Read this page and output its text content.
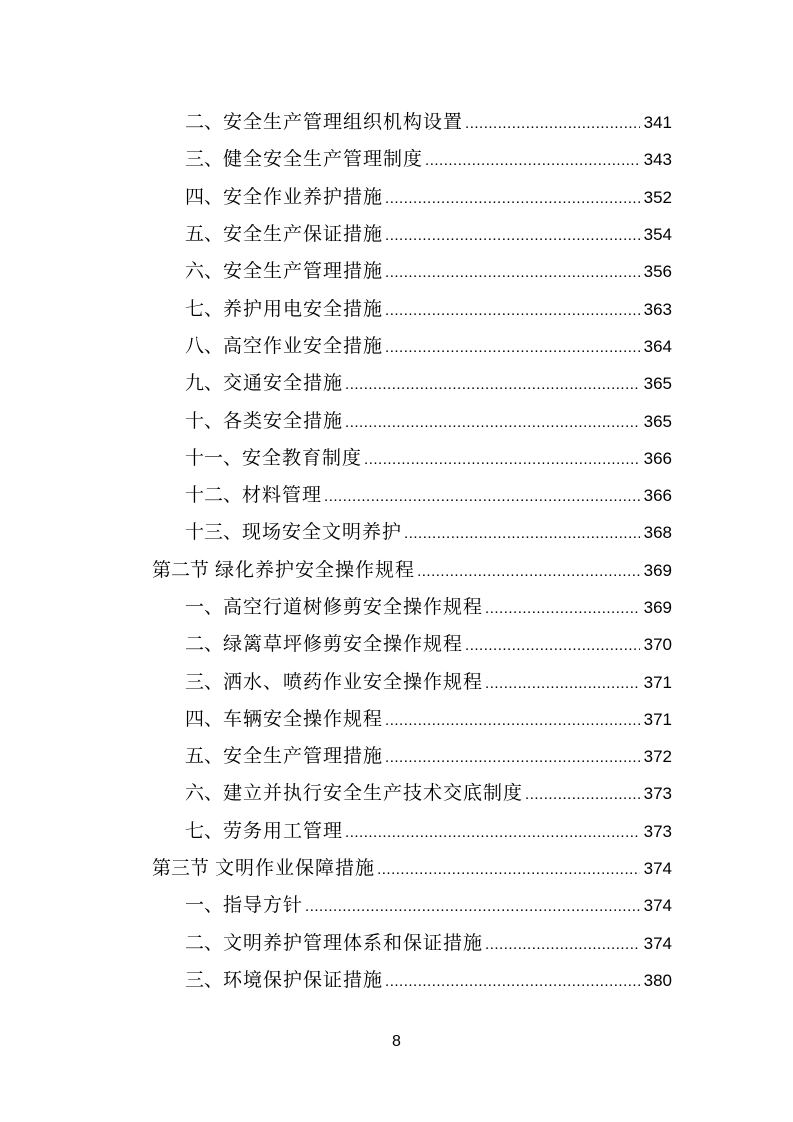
二、 安全生产管理组织机构设置 .....	341
三、 健全安全生产管理制度 .....	343
四、 安全作业养护措施 .....	352
五、 安全生产保证措施 .....	354
六、 安全生产管理措施 .....	356
七、 养护用电安全措施 .....	363
八、 高空作业安全措施 .....	364
九、 交通安全措施 .....	365
十、 各类安全措施 .....	365
十一、 安全教育制度 .....	366
十二、 材料管理 .....	366
十三、 现场安全文明养护 .....	368
第二节 绿化养护安全操作规程 .....	369
一、 高空行道树修剪安全操作规程 .....	369
二、 绿篱草坪修剪安全操作规程 .....	370
三、 洒水、喷药作业安全操作规程 .....	371
四、 车辆安全操作规程 .....	371
五、 安全生产管理措施 .....	372
六、 建立并执行安全生产技术交底制度 .....	373
七、 劳务用工管理 .....	373
第三节 文明作业保障措施 .....	374
一、 指导方针 .....	374
二、 文明养护管理体系和保证措施 .....	374
三、 环境保护保证措施 .....	380
8
